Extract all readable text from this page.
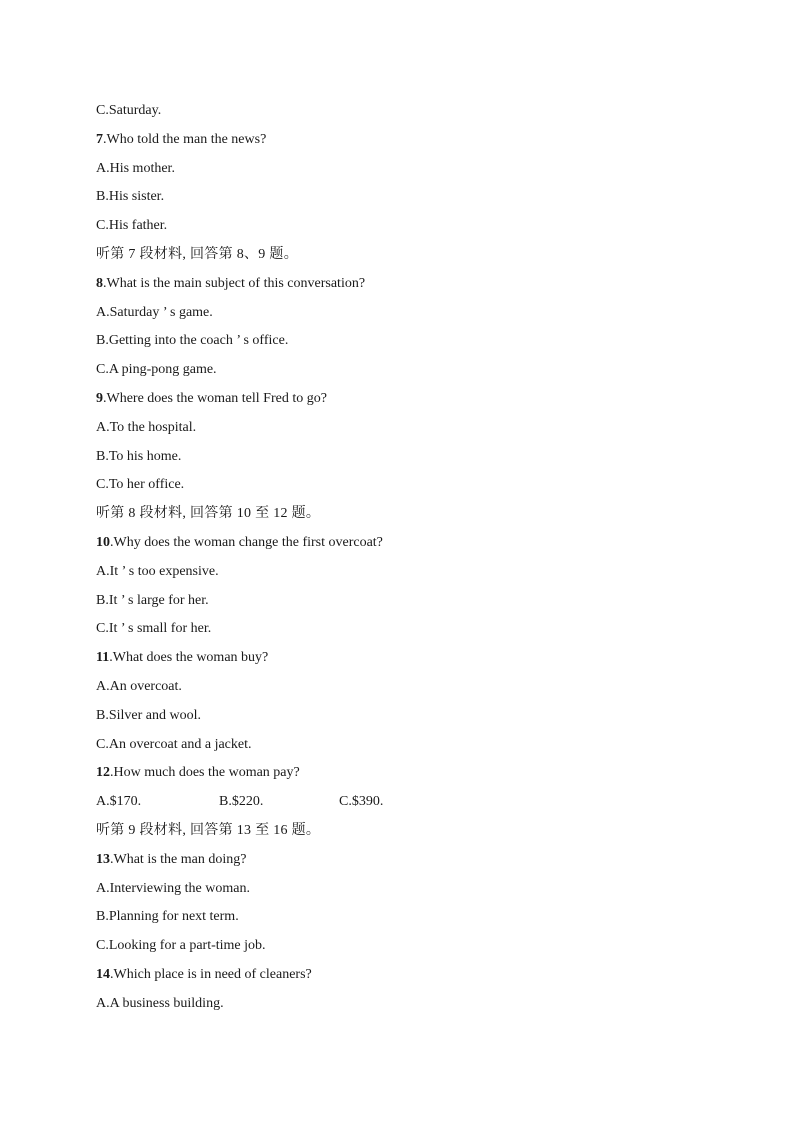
C.Saturday.
7.Who told the man the news?
A.His mother.
B.His sister.
C.His father.
听第 7 段材料, 回答第 8、9 题。
8.What is the main subject of this conversation?
A.Saturday ’ s game.
B.Getting into the coach ’ s office.
C.A ping-pong game.
9.Where does the woman tell Fred to go?
A.To the hospital.
B.To his home.
C.To her office.
听第 8 段材料, 回答第 10 至 12 题。
10.Why does the woman change the first overcoat?
A.It ’ s too expensive.
B.It ’ s large for her.
C.It ’ s small for her.
11.What does the woman buy?
A.An overcoat.
B.Silver and wool.
C.An overcoat and a jacket.
12.How much does the woman pay?
A.$170.	B.$220.	C.$390.
听第 9 段材料, 回答第 13 至 16 题。
13.What is the man doing?
A.Interviewing the woman.
B.Planning for next term.
C.Looking for a part-time job.
14.Which place is in need of cleaners?
A.A business building.
